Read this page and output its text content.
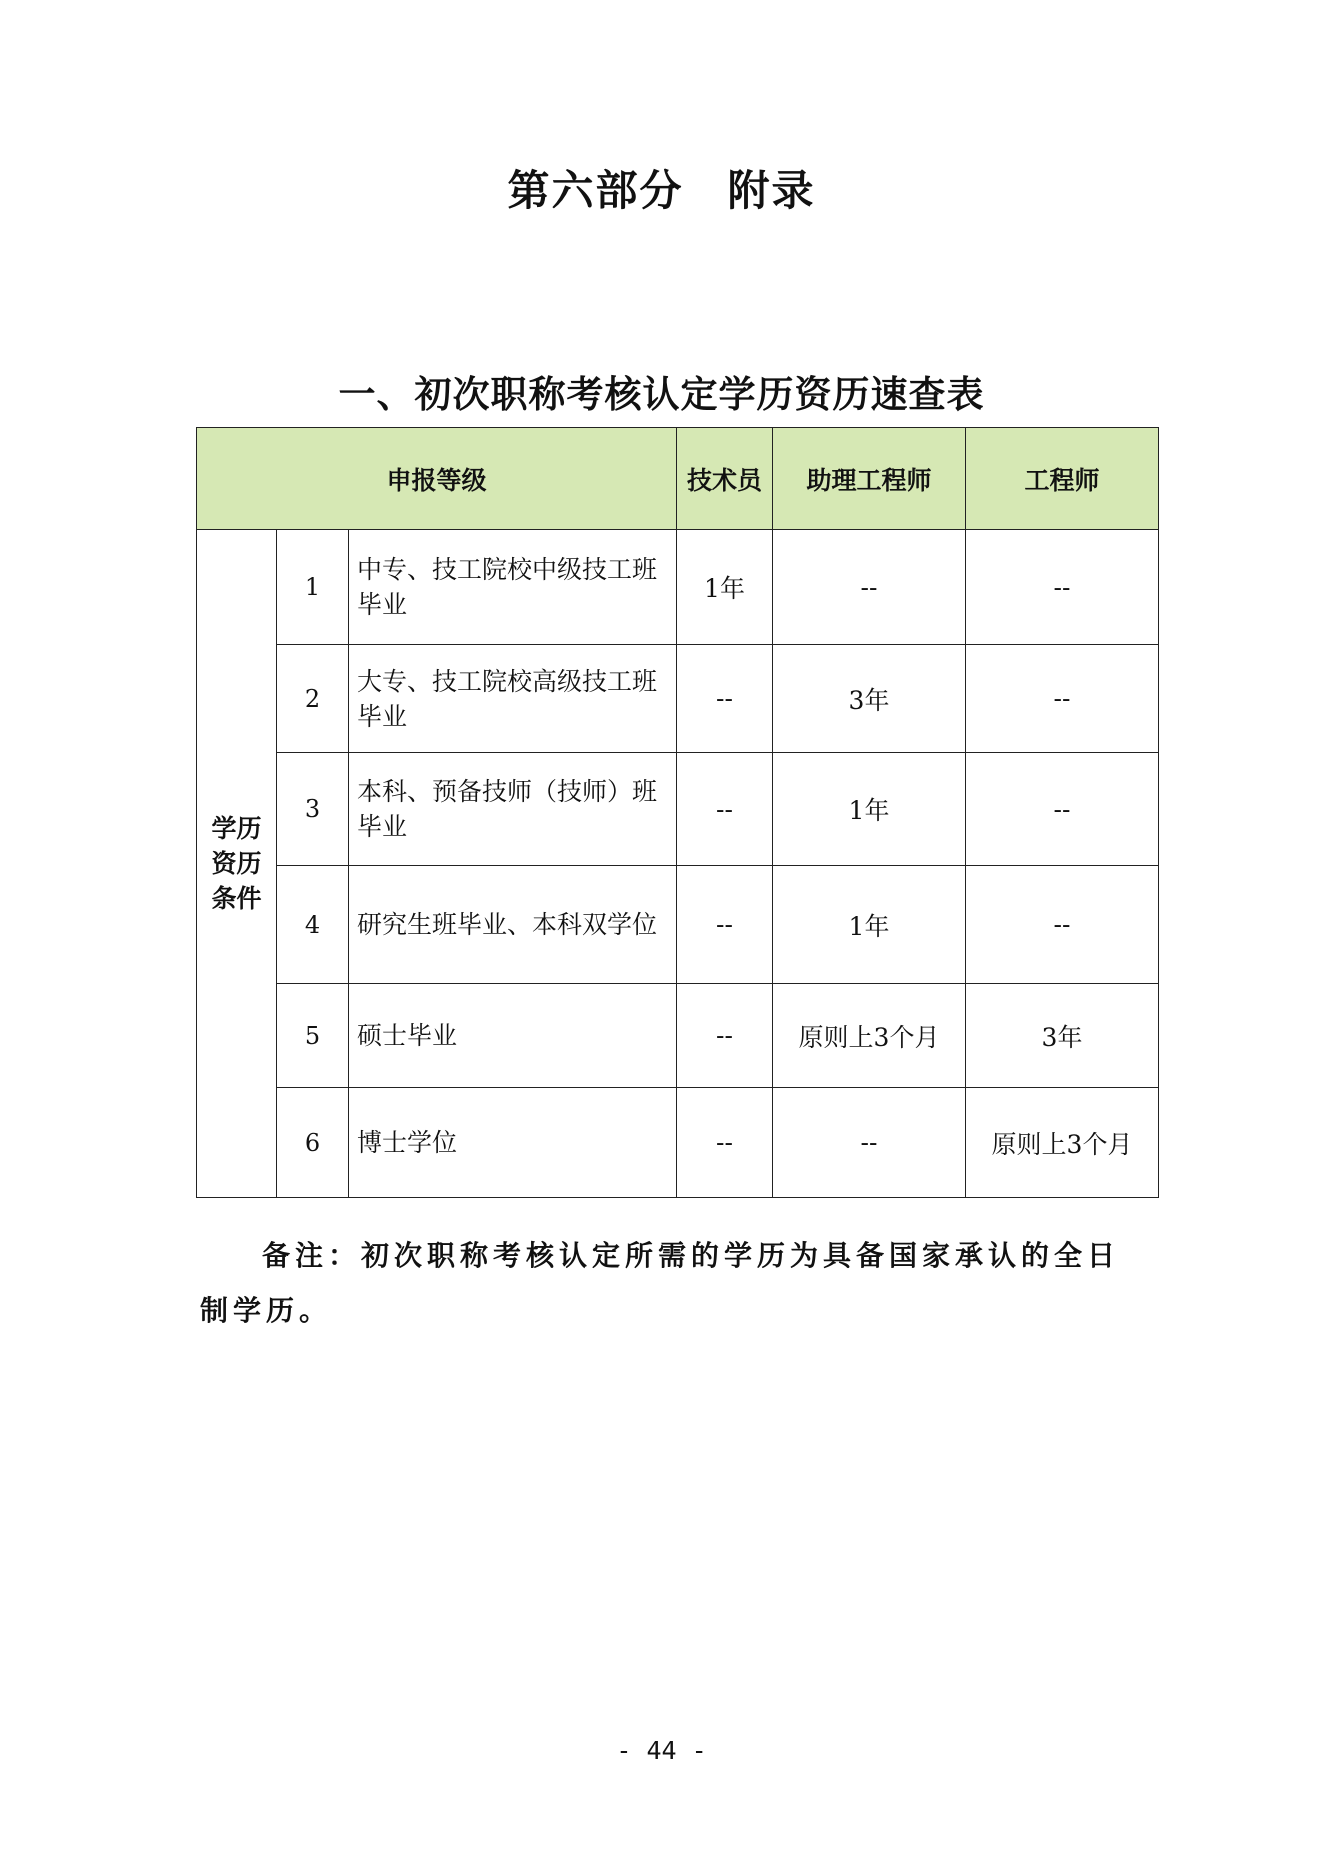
第六部分　附录
一、初次职称考核认定学历资历速查表
申报等级			技术员	助理工程师	工程师

学历资历条件	1	中专、技工院校中级技工班毕业	1年	--	--
	2	大专、技工院校高级技工班毕业	--	3年	--
	3	本科、预备技师（技师）班毕业	--	1年	--
	4	研究生班毕业、本科双学位	--	1年	--
	5	硕士毕业	--	原则上3个月	3年
	6	博士学位	--	--	原则上3个月

备注：初次职称考核认定所需的学历为具备国家承认的全日制学历。

- 44 -
